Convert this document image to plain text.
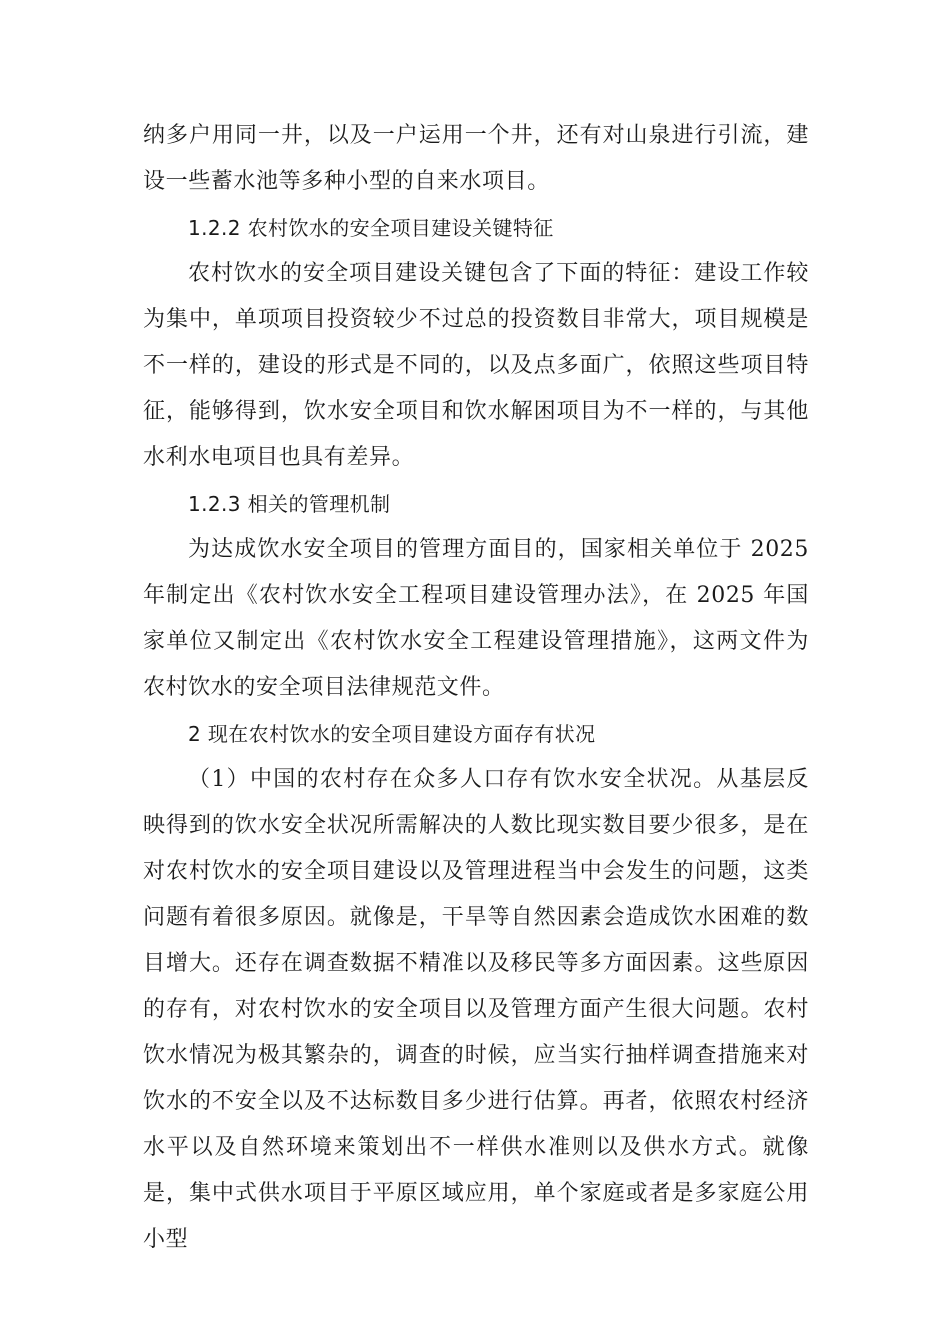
纳多户用同一井，以及一户运用一个井，还有对山泉进行引流，建设一些蓄水池等多种小型的自来水项目。

1.2.2 农村饮水的安全项目建设关键特征

农村饮水的安全项目建设关键包含了下面的特征：建设工作较为集中，单项项目投资较少不过总的投资数目非常大，项目规模是不一样的，建设的形式是不同的，以及点多面广，依照这些项目特征，能够得到，饮水安全项目和饮水解困项目为不一样的，与其他水利水电项目也具有差异。

1.2.3 相关的管理机制

为达成饮水安全项目的管理方面目的，国家相关单位于 2025 年制定出《农村饮水安全工程项目建设管理办法》，在 2025 年国家单位又制定出《农村饮水安全工程建设管理措施》，这两文件为农村饮水的安全项目法律规范文件。

2 现在农村饮水的安全项目建设方面存有状况

（1）中国的农村存在众多人口存有饮水安全状况。从基层反映得到的饮水安全状况所需解决的人数比现实数目要少很多，是在对农村饮水的安全项目建设以及管理进程当中会发生的问题，这类问题有着很多原因。就像是，干旱等自然因素会造成饮水困难的数目增大。还存在调查数据不精准以及移民等多方面因素。这些原因的存有，对农村饮水的安全项目以及管理方面产生很大问题。农村饮水情况为极其繁杂的，调查的时候，应当实行抽样调查措施来对饮水的不安全以及不达标数目多少进行估算。再者，依照农村经济水平以及自然环境来策划出不一样供水准则以及供水方式。就像是，集中式供水项目于平原区域应用，单个家庭或者是多家庭公用小型
